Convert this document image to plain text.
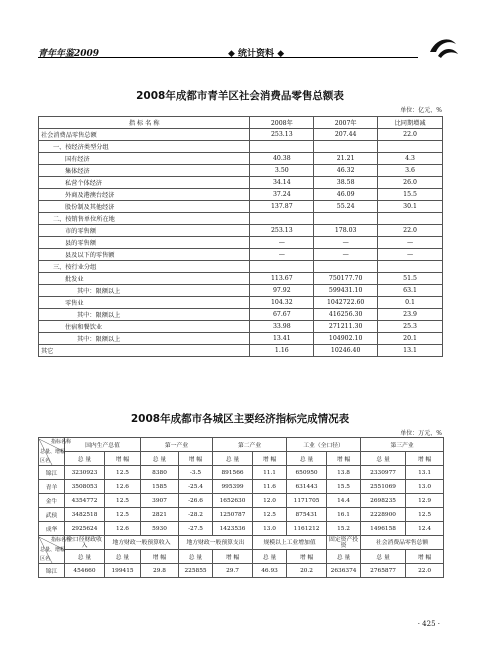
青年年鉴2009	◆ 统计资料 ◆
2008年成都市青羊区社会消费品零售总额表
单位：亿元、%
指 标 名 称	2008年	2007年	比同期增减
社会消费品零售总额	253.13	207.44	22.0
一、按经济类型分组			
国有经济	40.38	21.21	4.3
集体经济	3.50	46.32	3.6
私营个体经济	34.14	38.58	26.0
外商及港澳台经济	37.24	46.09	15.5
股份制及其他经济	137.87	55.24	30.1
二、按销售单位所在地			
市的零售额	253.13	178.03	22.0
县的零售额	—	—	—
县及以下的零售额	—	—	—
三、按行业分组			
批发业	113.67	750177.70	51.5
其中：限额以上	97.92	599431.10	63.1
零售业	104.32	1042722.60	0.1
其中：限额以上	67.67	416256.30	23.9
住宿和餐饮业	33.98	271211.30	25.3
其中：限额以上	13.41	104902.10	20.1
其它	1.16	10246.40	13.1
2008年成都市各城区主要经济指标完成情况表
单位：万元、%
指标名称
总量、增幅
区名	国内生产总值		第一产业		第二产业		工业（全口径）		第三产业	
	总 量	增 幅	总 量	增 幅	总 量	增 幅	总 量	增 幅	总 量	增 幅
锦江	3230923	12.5	8380	-3.5	891566	11.1	650950	13.8	2330977	13.1
青羊	3508053	12.6	1585	-25.4	995399	11.6	631443	15.5	2551069	13.0
金牛	4354772	12.5	3907	-26.6	1652630	12.0	1171705	14.4	2698235	12.9
武侯	3482518	12.5	2821	-28.2	1250787	12.5	875431	16.1	2228900	12.5
成华	2925624	12.6	5930	-27.5	1423536	13.0	1161212	15.2	1496158	12.4

指标名称
总量、增幅
区名	全口径财政收入	地方财政一般预算收入		地方财政一般预算支出		规模以上工业增加值		固定资产投资	社会消费品零售总额	
	总 量	总 量	增 幅	总 量	增 幅	总 量	增 幅	总 量	总 量	增 幅
锦江	454660	199415	29.8	225855	29.7	46.93	20.2	2636374	2765877	22.0
· 425 ·
